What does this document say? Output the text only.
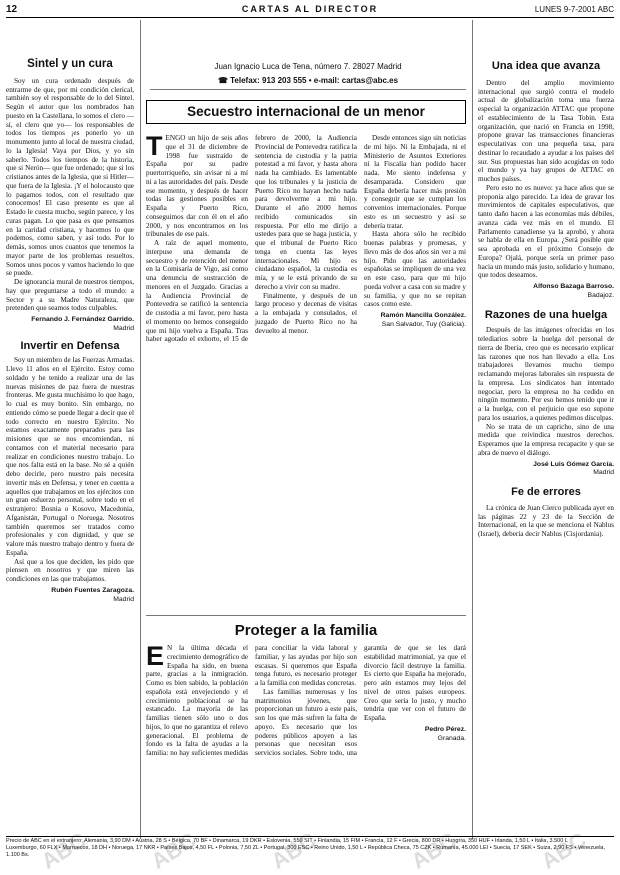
12	CARTAS AL DIRECTOR	LUNES 9-7-2001 ABC
ABC	ABC	ABC	ABC	ABC
Sintel y un cura

Soy un cura ordenado después de entrarme de que, por mi condición clerical, también soy el responsable de lo del Sintel. Según el autor que los nombrados han puesto en la Castellana, lo somos el clero —sí, el clero que yo— los responsables de todos los tiempos ¡es ponerlo yo un monumento junto al local de nuestra ciudad, lo la Iglesia! Vaya por Dios, y yo sin saberlo. Todos los tiempos de la historia, que si Nerón— que fue ordenado; que si los cristianos antes de la Iglesia, que si Hitler— que fuera de la Iglesia. ¡Y el holocausto que lo pagamos todos, con el resultado que conocemos! El caso presente es que al Estado le cuesta mucho, según parece, y los curas pagan. Lo que pasa es que pensamos en la caridad cristiana, y hacemos lo que podemos, como saben, y así todo. Por lo demás, somos unos cuantos que tenemos la mayor parte de los problemas resueltos. Somos unos pocos y vamos haciendo lo que se puede.

De ignorancia mural de nuestros tiempos, hay que preguntarse a todo el mundo: a Sector y a su Madre Naturaleza, que pretenden que seamos todos culpables.

Fernando J. Fernández Garrido.
Madrid
Invertir en Defensa

Soy un miembro de las Fuerzas Armadas. Llevo 11 años en el Ejército. Estoy como soldado y he tenido a realizar una de las nuevas misiones de paz fuera de nuestras fronteras. Me gusta muchísimo lo que hago, lo cual es muy bonito. Sin embargo, no entiendo cómo se puede llegar a decir que el todo correcto en nuestro Ejército. No estamos exactamente preparados para las misiones que se nos encomiendan, ni contamos con el material necesario para realizar en condiciones nuestro trabajo. Lo que nos falta está en la base. No sé a quién debo decirle, pero nuestro país necesita invertir más en Defensa, y tener en cuenta a aquellos que trabajamos en los ejércitos con un gran esfuerzo personal, sobre todo en el extranjero: Bosnia o Kosovo, Macedonia, Afganistán, Portugal o Noruega. Nosotros también queremos ser tratados como profesionales y con dignidad, y que se valore más nuestro trabajo dentro y fuera de España.

Así que a los que deciden, les pido que piensen en nosotros y que miren las condiciones en las que trabajamos.

Rubén Fuentes Zaragoza.
Madrid
Juan Ignacio Luca de Tena, número 7. 28027 Madrid
☎ Telefax: 913 203 555 • e-mail: cartas@abc.es
Secuestro internacional de un menor
T ENGO un hijo de seis años que el 31 de diciembre de 1998 fue sustraído de España por su padre puertorriqueño, sin avisar ni a mí ni a las autoridades del país. Desde ese momento, y después de hacer todas las gestiones posibles en España y Puerto Rico, conseguimos dar con él en el año 2000, y nos encontramos en los tribunales de ese país.

A raíz de aquel momento, interpuse una demanda de secuestro y de retención del menor en la Comisaría de Vigo, así como una denuncia de sustracción de menores en el Juzgado. Gracias a la Audiencia Provincial de Pontevedra se ratificó la sentencia de custodia a mi favor, pero hasta el momento no hemos conseguido que mi hijo vuelva a España. Tras haber agotado el exhorto, el 15 de febrero de 2000, la Audiencia Provincial de Pontevedra ratifica la sentencia de custodia y la patria potestad a mi favor, y hasta ahora nada ha cambiado. Es lamentable que los tribunales y la justicia de Puerto Rico no hayan hecho nada para devolverme a mi hijo. Durante el año 2000 hemos recibido comunicados sin respuesta. Por ello me dirijo a ustedes para que se haga justicia, y que el tribunal de Puerto Rico tenga en cuenta las leyes internacionales. Mi hijo es ciudadano español, la custodia es mía, y se le está privando de su derecho a vivir con su madre.

Finalmente, y después de un largo proceso y decenas de visitas a la embajada y consulados, el juzgado de Puerto Rico no ha devuelto al menor.

Desde entonces sigo sin noticias de mi hijo. Ni la Embajada, ni el Ministerio de Asuntos Exteriores ni la Fiscalía han podido hacer nada. Me siento indefensa y desamparada. Considero que España debería hacer más presión y conseguir que se cumplan los convenios internacionales. Porque esto es un secuestro y así se debería tratar.

Hasta ahora sólo he recibido buenas palabras y promesas, y llevo más de dos años sin ver a mi hijo. Pido que las autoridades españolas se impliquen de una vez en este caso, para que mi hijo pueda volver a casa con su madre y su familia, y que no se repitan casos como este.

Ramón Mancilla González.
San Salvador, Tuy (Galicia).
Proteger a la familia
E N la última década el crecimiento demográfico de España ha sido, en buena parte, gracias a la inmigración. Como es bien sabido, la población española está envejeciendo y el crecimiento poblacional se ha estancado. La mayoría de las familias tienen sólo uno o dos hijos, lo que no garantiza el relevo generacional. El problema de fondo es la falta de ayudas a la familia: no hay suficientes medidas para conciliar la vida laboral y familiar, y las ayudas por hijo son escasas. Si queremos que España tenga futuro, es necesario proteger a la familia con medidas concretas.

Las familias numerosas y los matrimonios jóvenes, que proporcionan un futuro a este país, son los que más sufren la falta de apoyo. Es necesario que los poderes públicos apoyen a las personas que necesitan esos servicios sociales. Sobre todo, una garantía de que se les dará estabilidad matrimonial, ya que el divorcio fácil destruye la familia. Es cierto que España ha mejorado, pero aún estamos muy lejos del nivel de otros países europeos. Creo que sería lo justo, y mucho tendría que ver con el futuro de España.

Pedro Pérez.
Granada.
Una idea que avanza

Dentro del amplio movimiento internacional que surgió contra el modelo actual de globalización toma una fuerza especial la organización ATTAC que propone el establecimiento de la Tasa Tobin. Esta organización, que nació en Francia en 1998, propone gravar las transacciones financieras especulativas con una pequeña tasa, para destinar lo recaudado a ayudar a los países del sur. Sus propuestas han sido acogidas en todo el mundo y ya hay grupos de ATTAC en muchos países.

Pero esto no es nuevo: ya hace años que se proponía algo parecido. La idea de gravar los movimientos de capitales especulativos, que tanto daño hacen a las economías más débiles, avanza cada vez más en el mundo. El Parlamento canadiense ya la aprobó, y ahora se habla de ella en Europa. ¿Será posible que sea aprobada en el próximo Consejo de Europa? Ojalá, porque sería un primer paso hacia un mundo más justo, solidario y humano, que todos deseamos.

Alfonso Bazaga Barroso.
Badajoz.
Razones de una huelga

Después de las imágenes ofrecidas en los telediarios sobre la huelga del personal de tierra de Iberia, creo que es necesario explicar las razones que nos han llevado a ella. Los trabajadores llevamos mucho tiempo reclamando mejoras laborales sin respuesta de la empresa. Los sindicatos han intentado negociar, pero la empresa no ha cedido en ningún momento. Por eso hemos tenido que ir a la huelga, con el perjuicio que eso supone para los usuarios, a quienes pedimos disculpas.

No se trata de un capricho, sino de una medida que reivindica nuestros derechos. Esperamos que la empresa recapacite y que se abra de nuevo el diálogo.

José Luis Gómez García.
Madrid
Fe de errores

La crónica de Juan Cierco publicada ayer en las páginas 22 y 23 de la Sección de Internacional, en la que se menciona el Nablus (Israel), debería decir Nablus (Cisjordania).

Precio de ABC en el extranjero: Alemania, 3,90 DM • Austria, 28 S • Bélgica, 70 BF • Dinamarca, 19 DKR • Eslovenia, 550 SIT • Finlandia, 15 FIM • Francia, 12 F • Grecia, 800 DR • Hungría, 350 HUF • Irlanda, 1,50 L • Italia, 3.500 L
Luxemburgo, 60 FLX • Marruecos, 18 DH • Noruega, 17 NKR • Países Bajos, 4,50 FL • Polonia, 7,50 ZL • Portugal, 300 ESC • Reino Unido, 1,50 L • República Checa, 75 CZK • Rumanía, 45.000 LEI • Suecia, 17 SEK • Suiza, 2,90 FS • Venezuela, 1.100 Bs.
